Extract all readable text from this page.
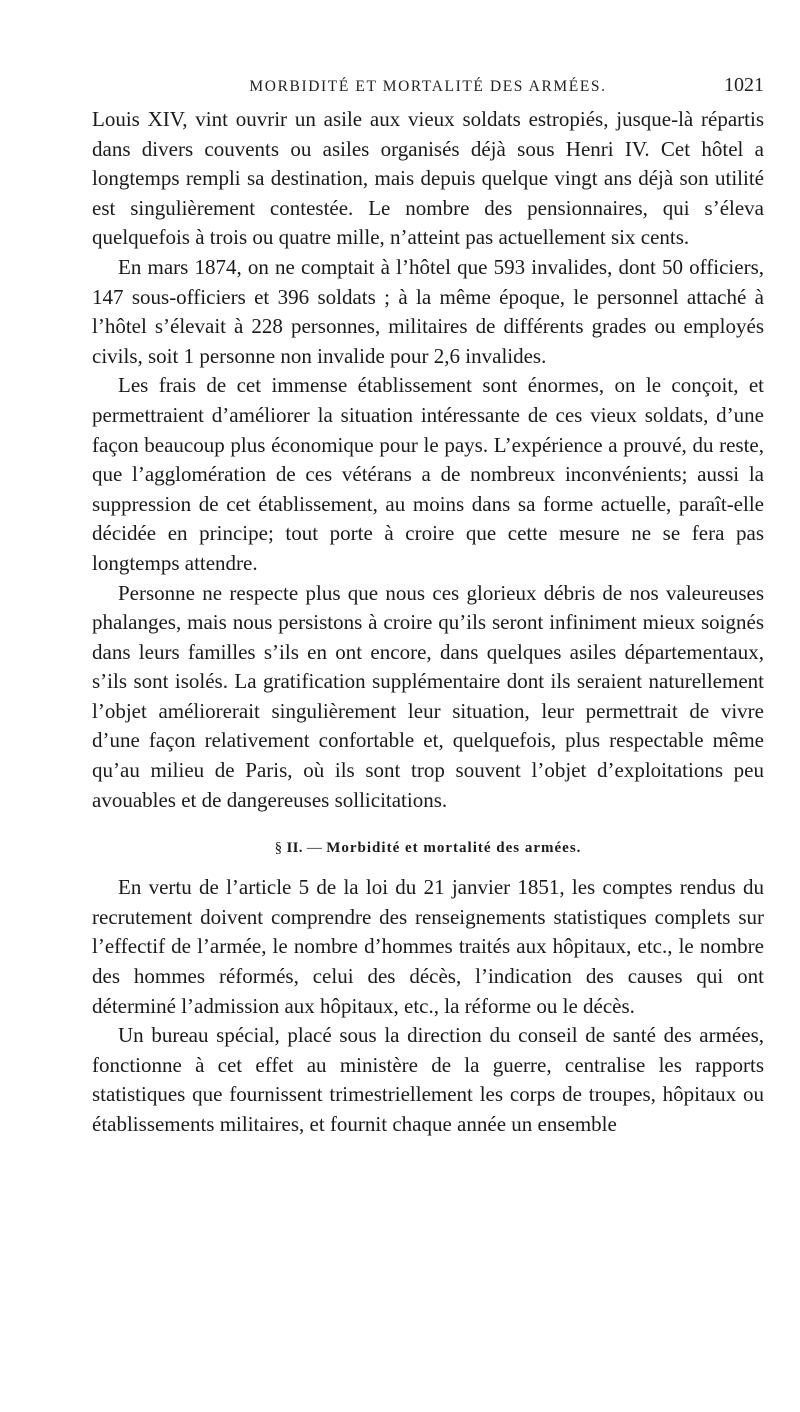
MORBIDITÉ ET MORTALITÉ DES ARMÉES.	1021

Louis XIV, vint ouvrir un asile aux vieux soldats estropiés, jusque-là répartis dans divers couvents ou asiles organisés déjà sous Henri IV. Cet hôtel a longtemps rempli sa destination, mais depuis quelque vingt ans déjà son utilité est singulièrement contestée. Le nombre des pensionnaires, qui s’éleva quelquefois à trois ou quatre mille, n’atteint pas actuellement six cents.

En mars 1874, on ne comptait à l’hôtel que 593 invalides, dont 50 officiers, 147 sous-officiers et 396 soldats ; à la même époque, le personnel attaché à l’hôtel s’élevait à 228 personnes, militaires de différents grades ou employés civils, soit 1 personne non invalide pour 2,6 invalides.

Les frais de cet immense établissement sont énormes, on le conçoit, et permettraient d’améliorer la situation intéressante de ces vieux soldats, d’une façon beaucoup plus économique pour le pays. L’expérience a prouvé, du reste, que l’agglomération de ces vétérans a de nombreux inconvénients; aussi la suppression de cet établissement, au moins dans sa forme actuelle, paraît-elle décidée en principe; tout porte à croire que cette mesure ne se fera pas longtemps attendre.

Personne ne respecte plus que nous ces glorieux débris de nos valeureuses phalanges, mais nous persistons à croire qu’ils seront infiniment mieux soignés dans leurs familles s’ils en ont encore, dans quelques asiles départementaux, s’ils sont isolés. La gratification supplémentaire dont ils seraient naturellement l’objet améliorerait singulièrement leur situation, leur permettrait de vivre d’une façon relativement confortable et, quelquefois, plus respectable même qu’au milieu de Paris, où ils sont trop souvent l’objet d’exploitations peu avouables et de dangereuses sollicitations.

§ II. — Morbidité et mortalité des armées.

En vertu de l’article 5 de la loi du 21 janvier 1851, les comptes rendus du recrutement doivent comprendre des renseignements statistiques complets sur l’effectif de l’armée, le nombre d’hommes traités aux hôpitaux, etc., le nombre des hommes réformés, celui des décès, l’indication des causes qui ont déterminé l’admission aux hôpitaux, etc., la réforme ou le décès.

Un bureau spécial, placé sous la direction du conseil de santé des armées, fonctionne à cet effet au ministère de la guerre, centralise les rapports statistiques que fournissent trimestriellement les corps de troupes, hôpitaux ou établissements militaires, et fournit chaque année un ensemble
